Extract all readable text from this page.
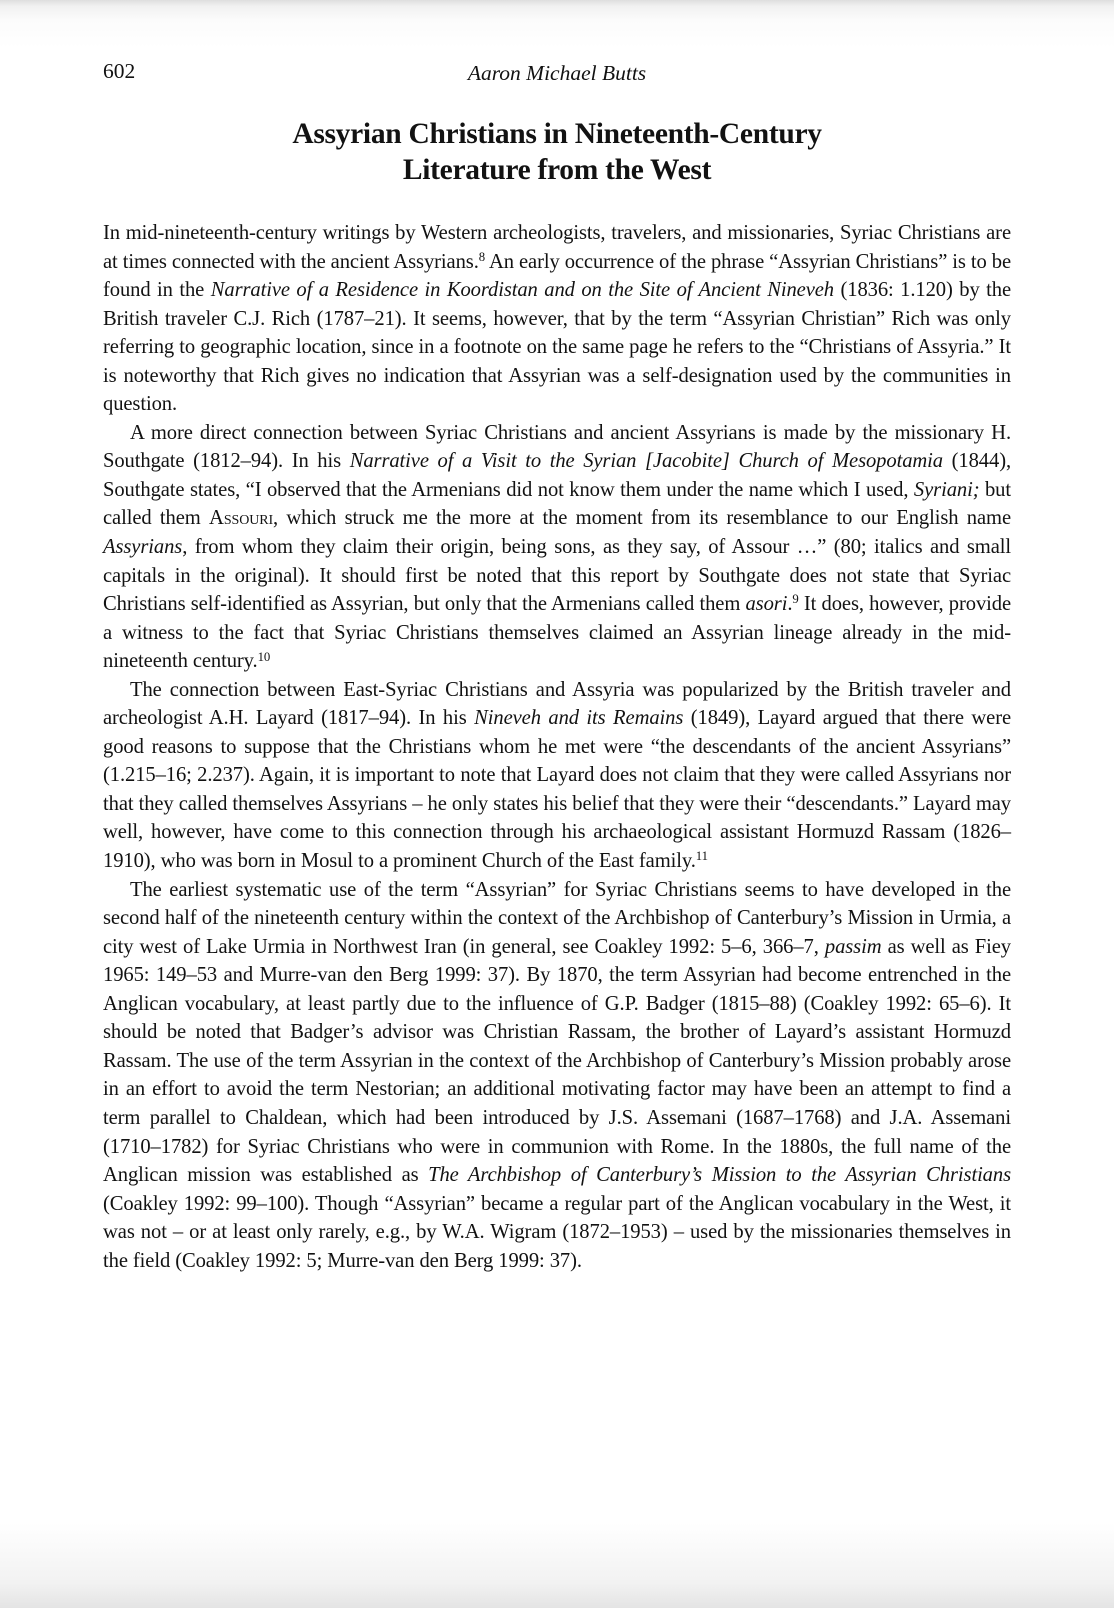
602	Aaron Michael Butts
Assyrian Christians in Nineteenth-Century
Literature from the West

In mid-nineteenth-century writings by Western archeologists, travelers, and missionaries, Syriac Christians are at times connected with the ancient Assyrians.$^8$ An early occurrence of the phrase “Assyrian Christians” is to be found in the Narrative of a Residence in Koordistan and on the Site of Ancient Nineveh (1836: 1.120) by the British traveler C.J. Rich (1787–21). It seems, however, that by the term “Assyrian Christian” Rich was only referring to geographic location, since in a footnote on the same page he refers to the “Christians of Assyria.” It is noteworthy that Rich gives no indication that Assyrian was a self-designation used by the communities in question.

A more direct connection between Syriac Christians and ancient Assyrians is made by the missionary H. Southgate (1812–94). In his Narrative of a Visit to the Syrian [Jacobite] Church of Mesopotamia (1844), Southgate states, “I observed that the Armenians did not know them under the name which I used, Syriani; but called them Assouri, which struck me the more at the moment from its resemblance to our English name Assyrians, from whom they claim their origin, being sons, as they say, of Assour …” (80; italics and small capitals in the original). It should first be noted that this report by Southgate does not state that Syriac Christians self-identified as Assyrian, but only that the Armenians called them asori.$^9$ It does, however, provide a witness to the fact that Syriac Christians themselves claimed an Assyrian lineage already in the mid-nineteenth century.$^{10}$

The connection between East-Syriac Christians and Assyria was popularized by the British traveler and archeologist A.H. Layard (1817–94). In his Nineveh and its Remains (1849), Layard argued that there were good reasons to suppose that the Christians whom he met were “the descendants of the ancient Assyrians” (1.215–16; 2.237). Again, it is important to note that Layard does not claim that they were called Assyrians nor that they called themselves Assyrians – he only states his belief that they were their “descendants.” Layard may well, however, have come to this connection through his archaeological assistant Hormuzd Rassam (1826–1910), who was born in Mosul to a prominent Church of the East family.$^{11}$

The earliest systematic use of the term “Assyrian” for Syriac Christians seems to have developed in the second half of the nineteenth century within the context of the Archbishop of Canterbury’s Mission in Urmia, a city west of Lake Urmia in Northwest Iran (in general, see Coakley 1992: 5–6, 366–7, passim as well as Fiey 1965: 149–53 and Murre-van den Berg 1999: 37). By 1870, the term Assyrian had become entrenched in the Anglican vocabulary, at least partly due to the influence of G.P. Badger (1815–88) (Coakley 1992: 65–6). It should be noted that Badger’s advisor was Christian Rassam, the brother of Layard’s assistant Hormuzd Rassam. The use of the term Assyrian in the context of the Archbishop of Canterbury’s Mission probably arose in an effort to avoid the term Nestorian; an additional motivating factor may have been an attempt to find a term parallel to Chaldean, which had been introduced by J.S. Assemani (1687–1768) and J.A. Assemani (1710–1782) for Syriac Christians who were in communion with Rome. In the 1880s, the full name of the Anglican mission was established as The Archbishop of Canterbury’s Mission to the Assyrian Christians (Coakley 1992: 99–100). Though “Assyrian” became a regular part of the Anglican vocabulary in the West, it was not – or at least only rarely, e.g., by W.A. Wigram (1872–1953) – used by the missionaries themselves in the field (Coakley 1992: 5; Murre-van den Berg 1999: 37).
